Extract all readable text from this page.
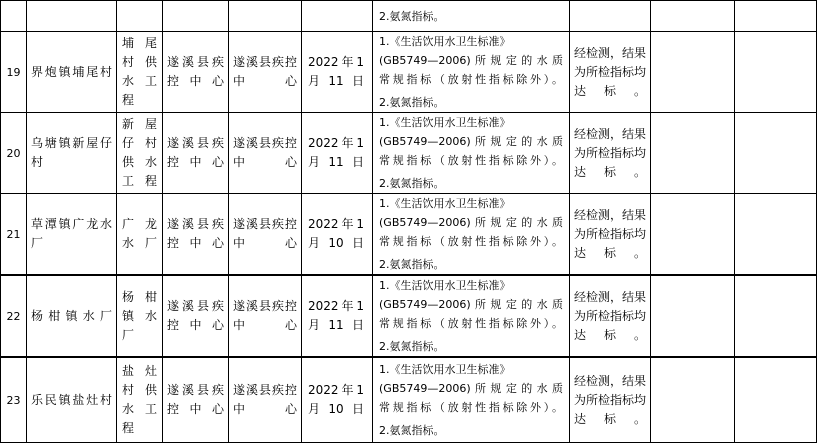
						2.氨氮指标。			

19	界炮镇埔尾村	埔尾村供水工程	遂溪县疾控中心	遂溪县疾控中心	2022年1月11日	1.《生活饮用水卫生标准》
(GB5749—2006)所规定的水质
常规指标（放射性指标除外）。
2.氨氮指标。	经检测，结果为所检指标均达标。		
20	乌塘镇新屋仔村	新屋仔村供水工程	遂溪县疾控中心	遂溪县疾控中心	2022年1月11日	1.《生活饮用水卫生标准》
(GB5749—2006)所规定的水质
常规指标（放射性指标除外）。
2.氨氮指标。	经检测，结果为所检指标均达标。		
21	草潭镇广龙水厂	广龙水厂	遂溪县疾控中心	遂溪县疾控中心	2022年1月10日	1.《生活饮用水卫生标准》
(GB5749—2006)所规定的水质
常规指标（放射性指标除外）。
2.氨氮指标。	经检测，结果为所检指标均达标。		
22	杨柑镇水厂	杨柑镇水厂	遂溪县疾控中心	遂溪县疾控中心	2022年1月11日	1.《生活饮用水卫生标准》
(GB5749—2006)所规定的水质
常规指标（放射性指标除外）。
2.氨氮指标。	经检测，结果为所检指标均达标。		
23	乐民镇盐灶村	盐灶村供水工程	遂溪县疾控中心	遂溪县疾控中心	2022年1月10日	1.《生活饮用水卫生标准》
(GB5749—2006)所规定的水质
常规指标（放射性指标除外）。
2.氨氮指标。	经检测，结果为所检指标均达标。		
